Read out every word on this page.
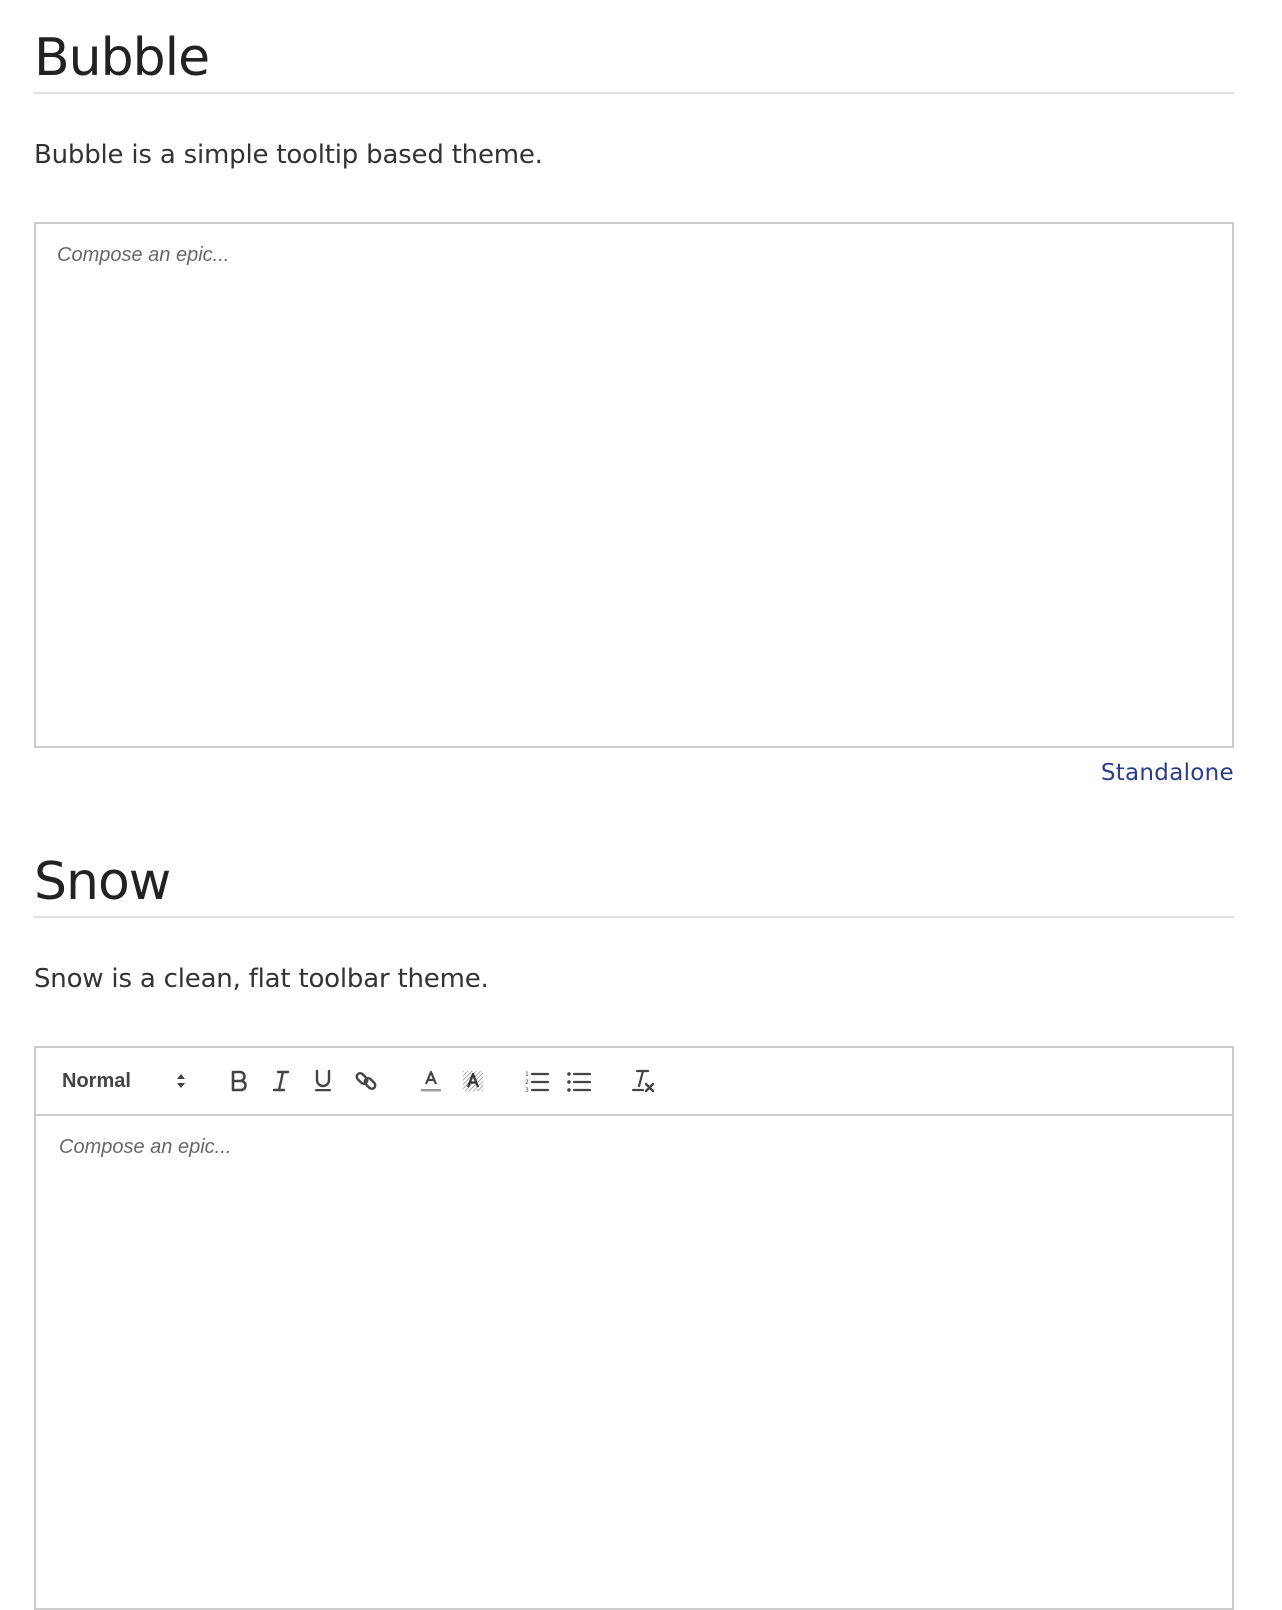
Bubble

Bubble is a simple tooltip based theme.

Compose an epic...
Standalone
Snow

Snow is a clean, flat toolbar theme.

Normal	1
2
3
Compose an epic...
